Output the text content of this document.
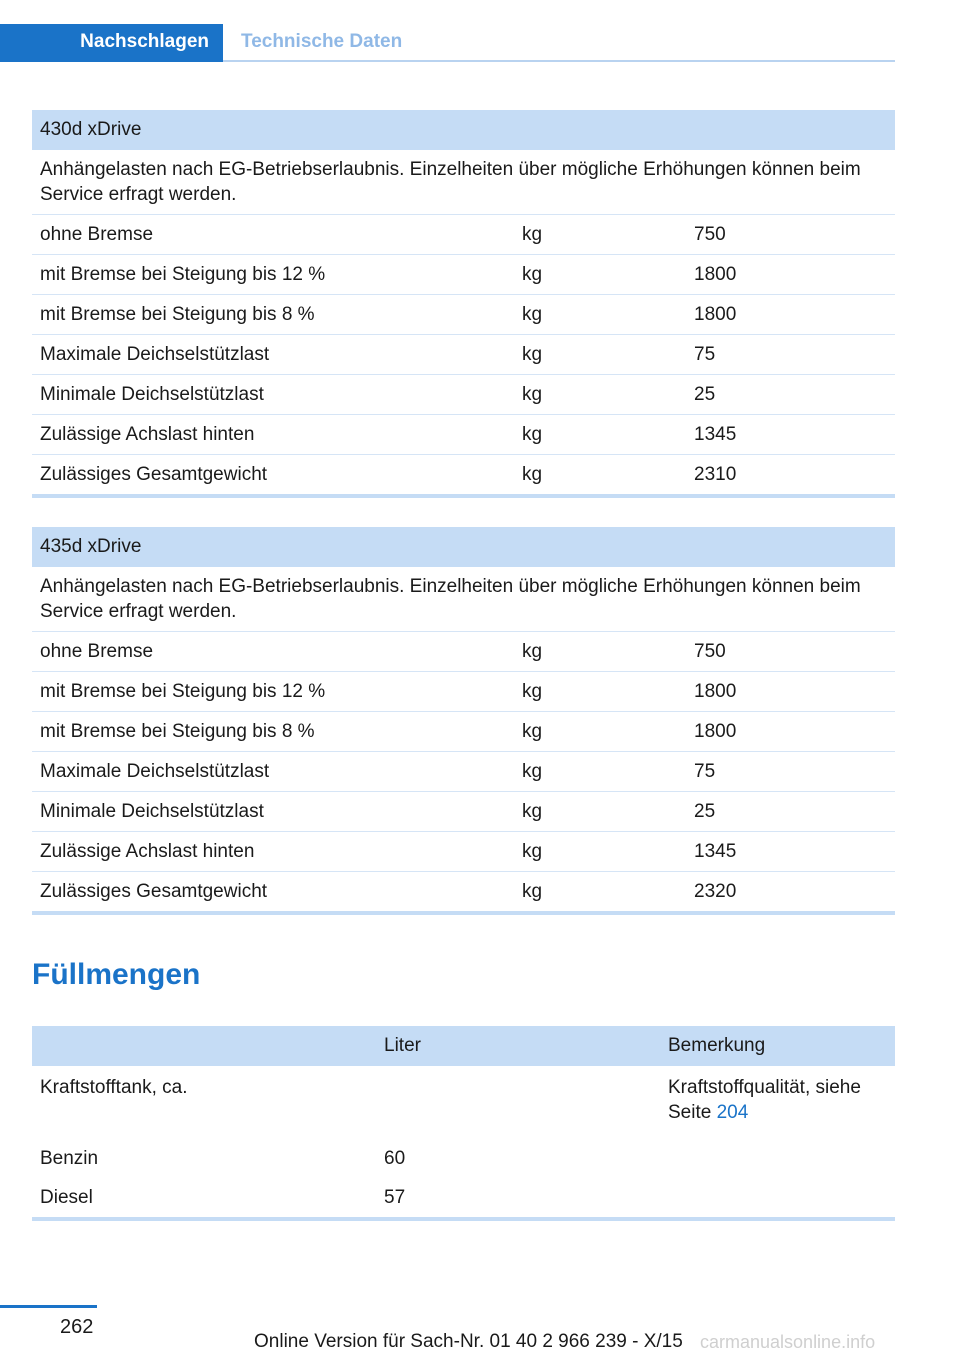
Nachschlagen	Technische Daten
430d xDrive		
Anhängelasten nach EG-Betriebserlaubnis. Einzelheiten über mögliche Erhöhungen können beim Service erfragt werden.		
ohne Bremse	kg	750
mit Bremse bei Steigung bis 12 %	kg	1800
mit Bremse bei Steigung bis 8 %	kg	1800
Maximale Deichselstützlast	kg	75
Minimale Deichselstützlast	kg	25
Zulässige Achslast hinten	kg	1345
Zulässiges Gesamtgewicht	kg	2310
435d xDrive		
Anhängelasten nach EG-Betriebserlaubnis. Einzelheiten über mögliche Erhöhungen können beim Service erfragt werden.		
ohne Bremse	kg	750
mit Bremse bei Steigung bis 12 %	kg	1800
mit Bremse bei Steigung bis 8 %	kg	1800
Maximale Deichselstützlast	kg	75
Minimale Deichselstützlast	kg	25
Zulässige Achslast hinten	kg	1345
Zulässiges Gesamtgewicht	kg	2320
Füllmengen
	Liter	Bemerkung
Kraftstofftank, ca.		Kraftstoffqualität, siehe Seite 204
Benzin	60	
Diesel	57	
262
Online Version für Sach-Nr. 01 40 2 966 239 - X/15 carmanualsonline.info
